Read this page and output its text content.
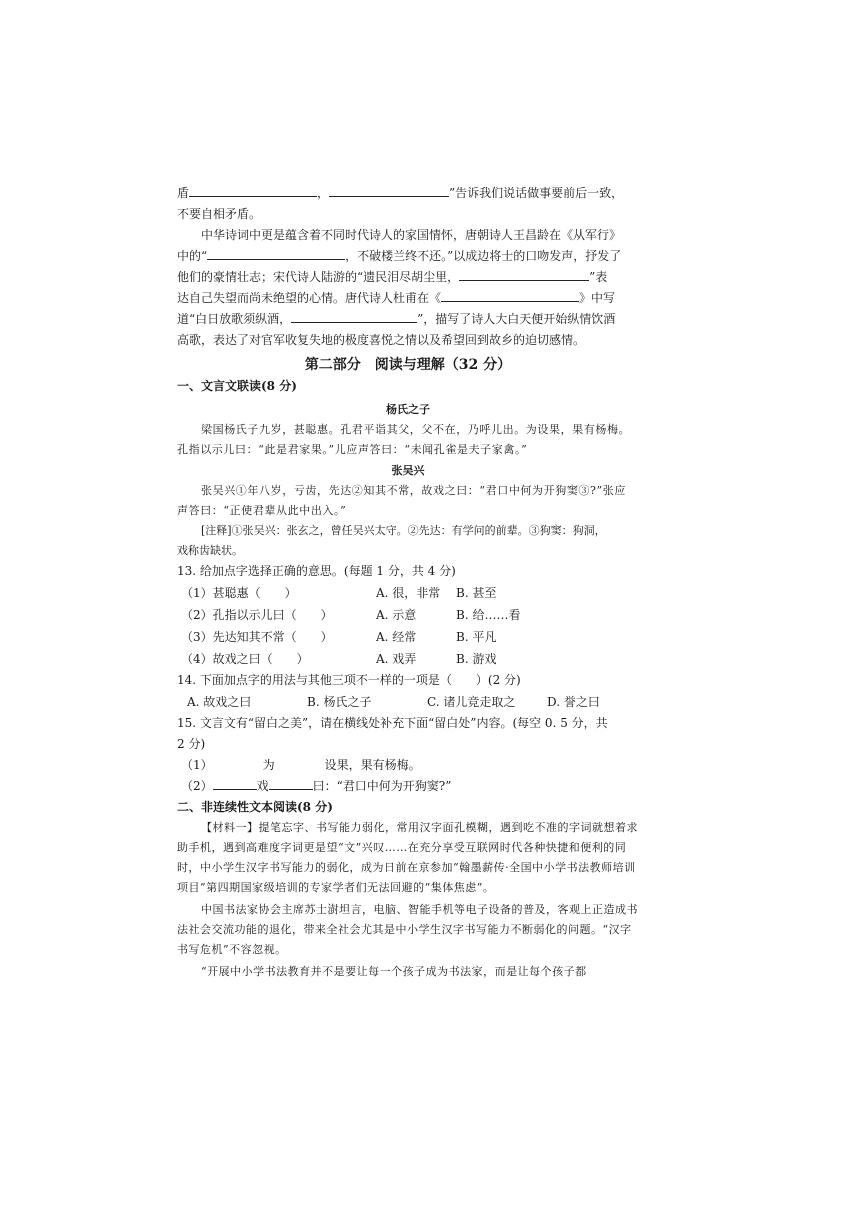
盾	，	”告诉我们说话做事要前后一致，

不要自相矛盾。

中华诗词中更是蕴含着不同时代诗人的家国情怀，唐朝诗人王昌龄在《从军行》

中的“	，不破楼兰终不还。”以成边将士的口吻发声，抒发了

他们的豪情壮志；宋代诗人陆游的“遗民泪尽胡尘里，	”表

达自己失望而尚未绝望的心情。唐代诗人杜甫在《	》中写

道“白日放歌须纵酒，	”，描写了诗人大白天便开始纵情饮酒

高歌，表达了对官军收复失地的极度喜悦之情以及希望回到故乡的迫切感情。

第二部分　阅读与理解（32 分）

一、文言文联读(8 分)

杨氏之子

梁国杨氏子九岁，甚聪惠。孔君平诣其父，父不在，乃呼儿出。为设果，果有杨梅。

孔指以示儿曰：“此是君家果。”儿应声答曰：“未闻孔雀是夫子家禽。”

张吴兴

张吴兴①年八岁，亏齿，先达②知其不常，故戏之曰：“君口中何为开狗窦③?”张应

声答曰：“正使君辈从此中出入。”

[注释]①张吴兴：张玄之，曾任吴兴太守。②先达：有学问的前辈。③狗窦：狗洞，

戏称齿缺状。

13. 给加点字选择正确的意思。(每题 1 分，共 4 分)

（1）甚聪惠（　　）	A. 很，非常	B. 甚至
（2）孔指以示儿曰（　　）	A. 示意	B. 给……看
（3）先达知其不常（　　）	A. 经常	B. 平凡
（4）故戏之曰（　　）	A. 戏弄	B. 游戏

14. 下面加点字的用法与其他三项不一样的一项是（　　）(2 分)

A. 故戏之曰	B. 杨氏之子	C. 诸儿竞走取之	D. 誉之曰

15. 文言文有“留白之美”，请在横线处补充下面“留白处”内容。(每空 0. 5 分，共

2 分)

（1）	为	设果，果有杨梅。

（2）	戏	曰：“君口中何为开狗窦?”

二、非连续性文本阅读(8 分)

【材料一】提笔忘字、书写能力弱化，常用汉字面孔模糊，遇到吃不准的字词就想着求助手机，遇到高难度字词更是望“文”兴叹……在充分享受互联网时代各种快捷和便利的同时，中小学生汉字书写能力的弱化，成为日前在京参加“翰墨薪传·全国中小学书法教师培训项目”第四期国家级培训的专家学者们无法回避的“集体焦虑”。

中国书法家协会主席苏士澍坦言，电脑、智能手机等电子设备的普及，客观上正造成书法社会交流功能的退化，带来全社会尤其是中小学生汉字书写能力不断弱化的问题。“汉字书写危机”不容忽视。

“开展中小学书法教育并不是要让每一个孩子成为书法家，而是让每个孩子都
